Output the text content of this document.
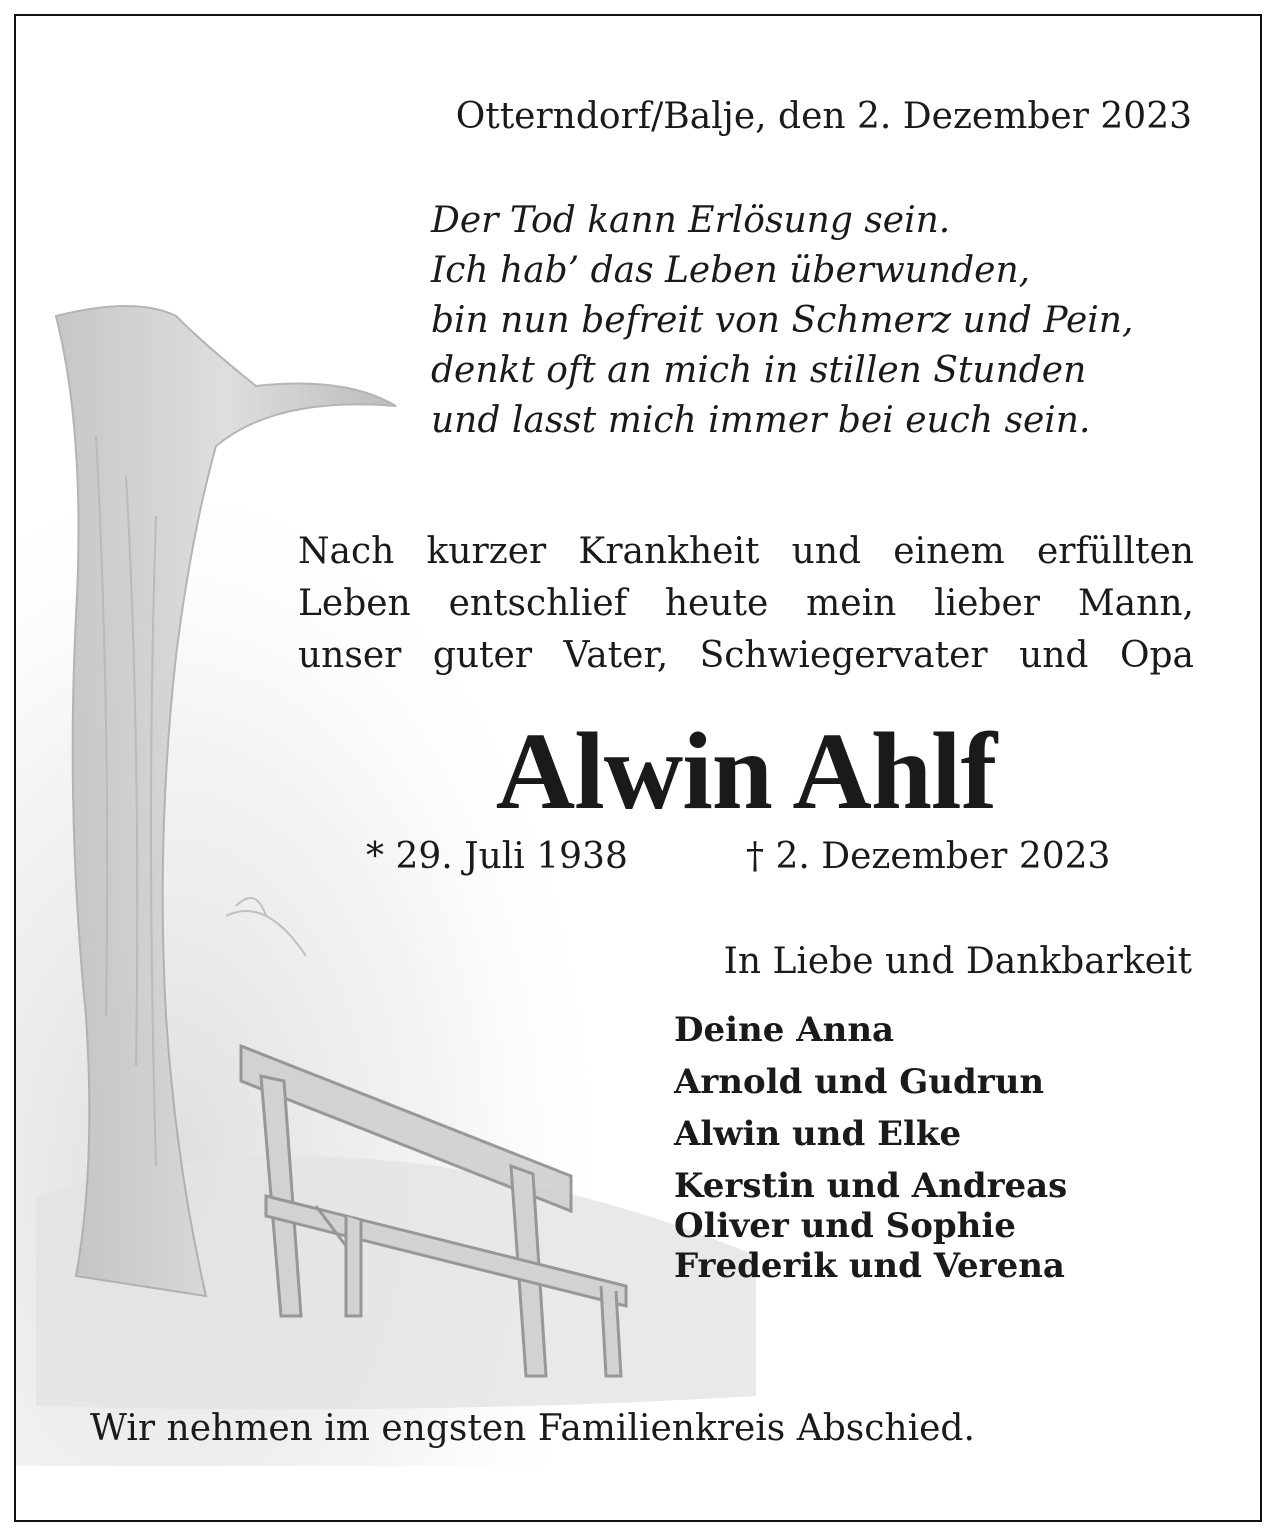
Otterndorf/Balje, den 2. Dezember 2023
Der Tod kann Erlösung sein.
Ich hab’ das Leben überwunden,
bin nun befreit von Schmerz und Pein,
denkt oft an mich in stillen Stunden
und lasst mich immer bei euch sein.
Nach kurzer Krankheit und einem erfüllten
Leben entschlief heute mein lieber Mann,
unser guter Vater, Schwiegervater und Opa
Alwin Ahlf
* 29. Juli 1938	† 2. Dezember 2023
In Liebe und Dankbarkeit
Deine Anna
Arnold und Gudrun
Alwin und Elke
Kerstin und Andreas
Oliver und Sophie
Frederik und Verena
Wir nehmen im engsten Familienkreis Abschied.
